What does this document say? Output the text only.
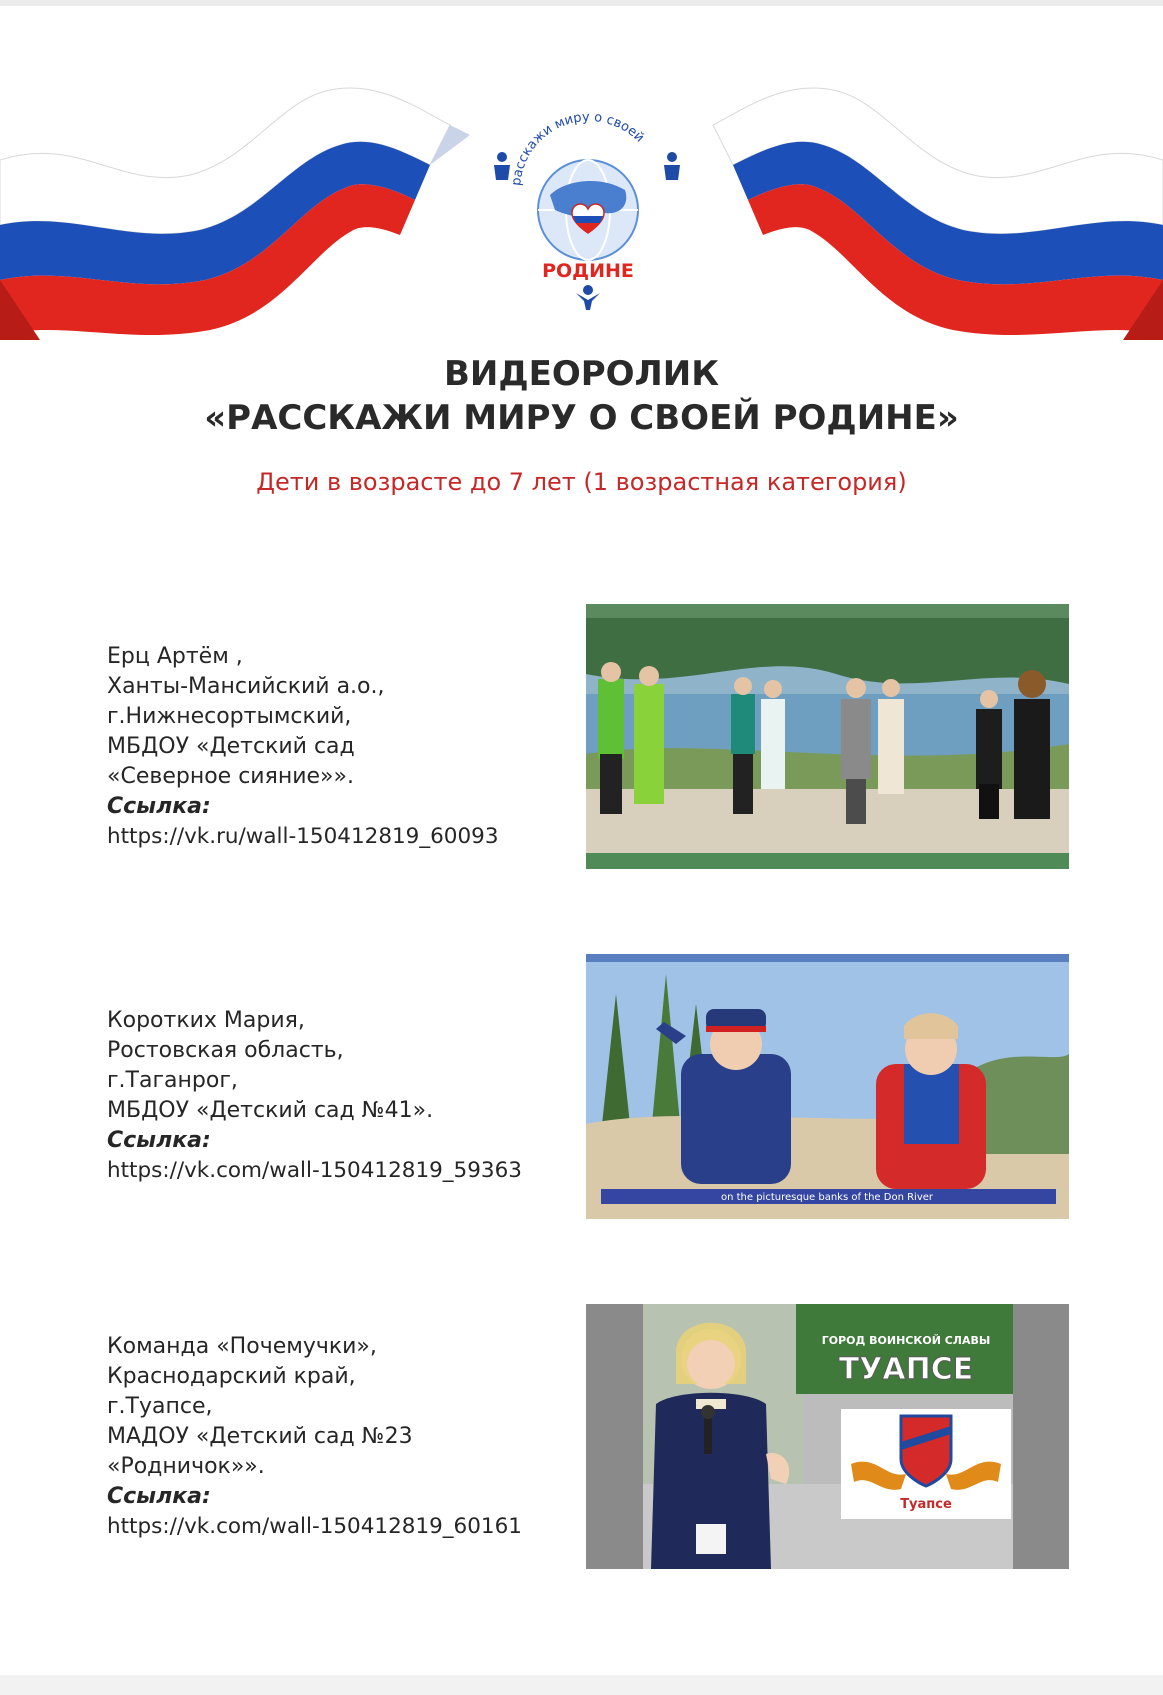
расскажи миру о своей
РОДИНЕ
ВИДЕОРОЛИК
«РАССКАЖИ МИРУ О СВОЕЙ РОДИНЕ»
Дети в возрасте до 7 лет (1 возрастная категория)
Ерц Артём ,
Ханты-Мансийский а.о.,
г.Нижнесортымский,
МБДОУ «Детский сад
«Северное сияние»».
Ссылка:
https://vk.ru/wall-150412819_60093
Коротких Мария,
Ростовская область,
г.Таганрог,
МБДОУ «Детский сад №41».
Ссылка:
https://vk.com/wall-150412819_59363
on the picturesque banks of the Don River
Команда «Почемучки»,
Краснодарский край,
г.Туапсе,
МАДОУ «Детский сад №23
«Родничок»».
Ссылка:
https://vk.com/wall-150412819_60161
ГОРОД ВОИНСКОЙ СЛАВЫ
ТУАПСЕ
Туапсе
